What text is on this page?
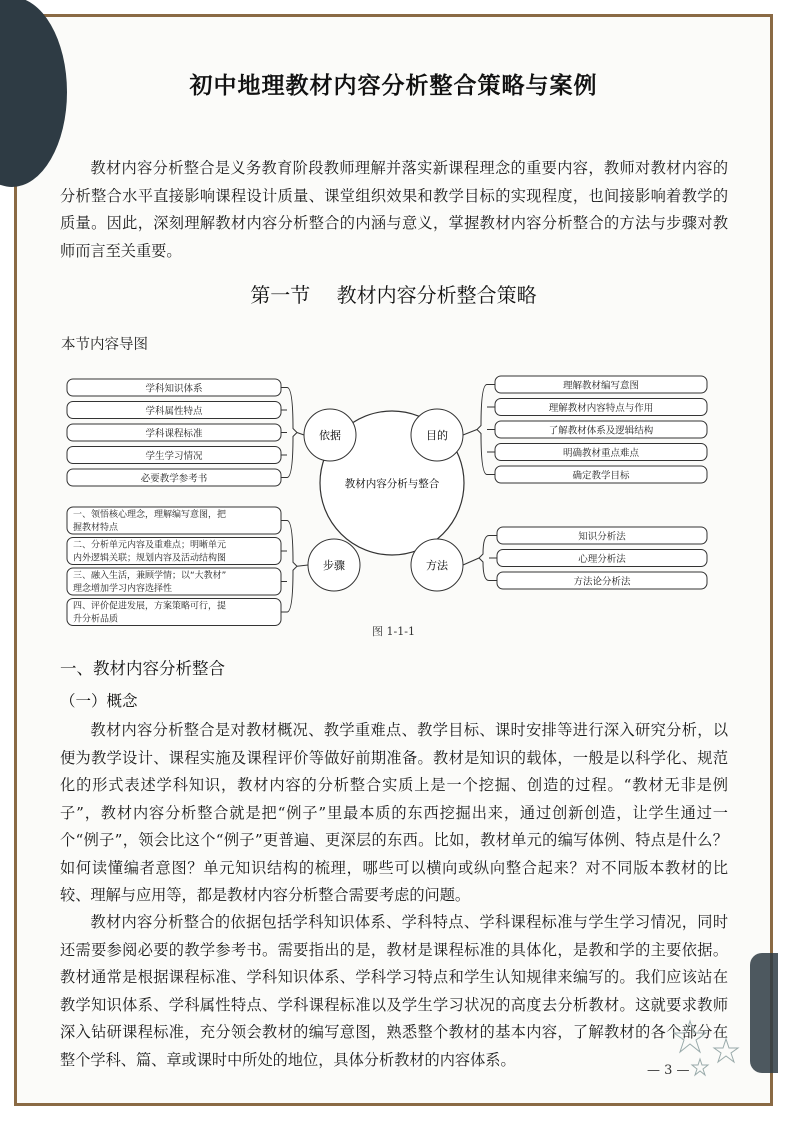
初中地理教材内容分析整合策略与案例

教材内容分析整合是义务教育阶段教师理解并落实新课程理念的重要内容，教师对教材内容的分析整合水平直接影响课程设计质量、课堂组织效果和教学目标的实现程度，也间接影响着教学的质量。因此，深刻理解教材内容分析整合的内涵与意义，掌握教材内容分析整合的方法与步骤对教师而言至关重要。

第一节 教材内容分析整合策略
本节内容导图
教材内容分析与整合
依据	目的
步骤	方法
学科知识体系
学科属性特点
学科课程标准
学生学习情况
必要教学参考书
理解教材编写意图
理解教材内容特点与作用
了解教材体系及逻辑结构
明确教材重点难点
确定教学目标
一、领悟核心理念，理解编写意图，把
握教材特点
二、分析单元内容及重难点；明晰单元
内外逻辑关联；规划内容及活动结构图
三、融入生活，兼顾学情；以“大教材”
理念增加学习内容选择性
四、评价促进发展，方案策略可行，提
升分析品质
知识分析法
心理分析法
方法论分析法
图 1-1-1
一、教材内容分析整合
（一）概念

教材内容分析整合是对教材概况、教学重难点、教学目标、课时安排等进行深入研究分析，以便为教学设计、课程实施及课程评价等做好前期准备。教材是知识的载体，一般是以科学化、规范化的形式表述学科知识，教材内容的分析整合实质上是一个挖掘、创造的过程。“教材无非是例子”，教材内容分析整合就是把“例子”里最本质的东西挖掘出来，通过创新创造，让学生通过一个“例子”，领会比这个“例子”更普遍、更深层的东西。比如，教材单元的编写体例、特点是什么？如何读懂编者意图？单元知识结构的梳理，哪些可以横向或纵向整合起来？对不同版本教材的比较、理解与应用等，都是教材内容分析整合需要考虑的问题。

教材内容分析整合的依据包括学科知识体系、学科特点、学科课程标准与学生学习情况，同时还需要参阅必要的教学参考书。需要指出的是，教材是课程标准的具体化，是教和学的主要依据。教材通常是根据课程标准、学科知识体系、学科学习特点和学生认知规律来编写的。我们应该站在教学知识体系、学科属性特点、学科课程标准以及学生学习状况的高度去分析教材。这就要求教师深入钻研课程标准，充分领会教材的编写意图，熟悉整个教材的基本内容，了解教材的各个部分在整个学科、篇、章或课时中所处的地位，具体分析教材的内容体系。

— 3 —
